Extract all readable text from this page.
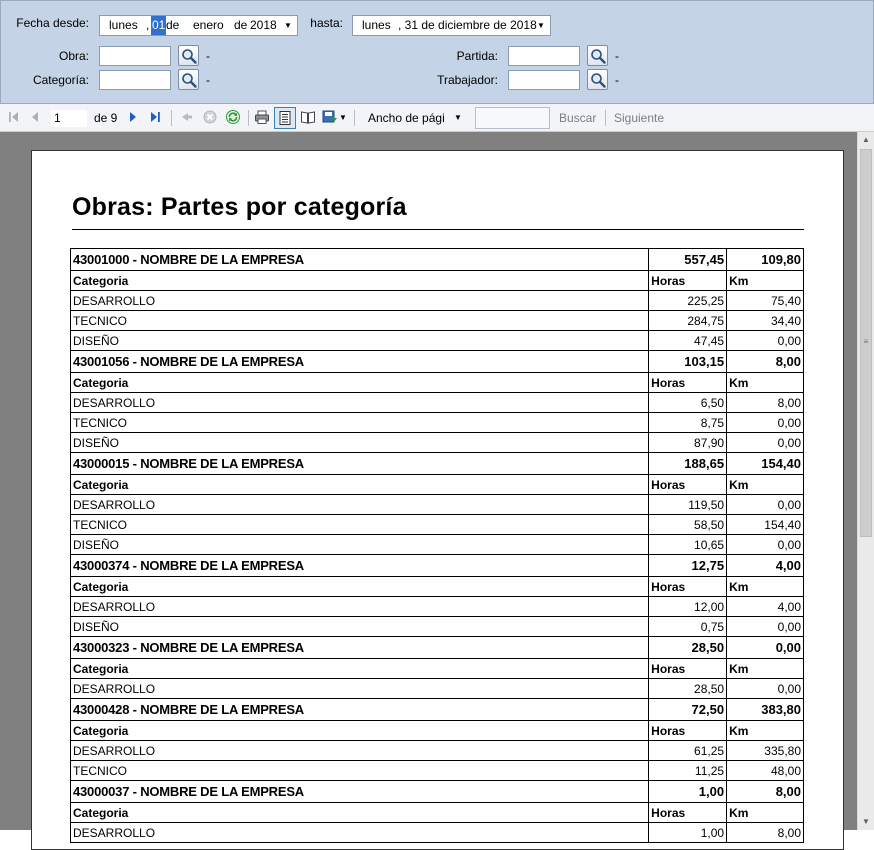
Fecha desde: lunes , 01 de enero de 2018 ▼	hasta: lunes , 31 de diciembre de 2018 ▼
Obra:	-
Categoría:	-
Partida:	-
Trabajador:	-
1	de 9	▼ Ancho de pági ▼	Buscar Siguiente
Obras: Partes por categoría
43001000 - NOMBRE DE LA EMPRESA	557,45	109,80
Categoria	Horas	Km
DESARROLLO	225,25	75,40
TECNICO	284,75	34,40
DISEÑO	47,45	0,00
43001056 - NOMBRE DE LA EMPRESA	103,15	8,00
Categoria	Horas	Km
DESARROLLO	6,50	8,00
TECNICO	8,75	0,00
DISEÑO	87,90	0,00
43000015 - NOMBRE DE LA EMPRESA	188,65	154,40
Categoria	Horas	Km
DESARROLLO	119,50	0,00
TECNICO	58,50	154,40
DISEÑO	10,65	0,00
43000374 - NOMBRE DE LA EMPRESA	12,75	4,00
Categoria	Horas	Km
DESARROLLO	12,00	4,00
DISEÑO	0,75	0,00
43000323 - NOMBRE DE LA EMPRESA	28,50	0,00
Categoria	Horas	Km
DESARROLLO	28,50	0,00
43000428 - NOMBRE DE LA EMPRESA	72,50	383,80
Categoria	Horas	Km
DESARROLLO	61,25	335,80
TECNICO	11,25	48,00
43000037 - NOMBRE DE LA EMPRESA	1,00	8,00
Categoria	Horas	Km
DESARROLLO	1,00	8,00
▲
≡
▼
